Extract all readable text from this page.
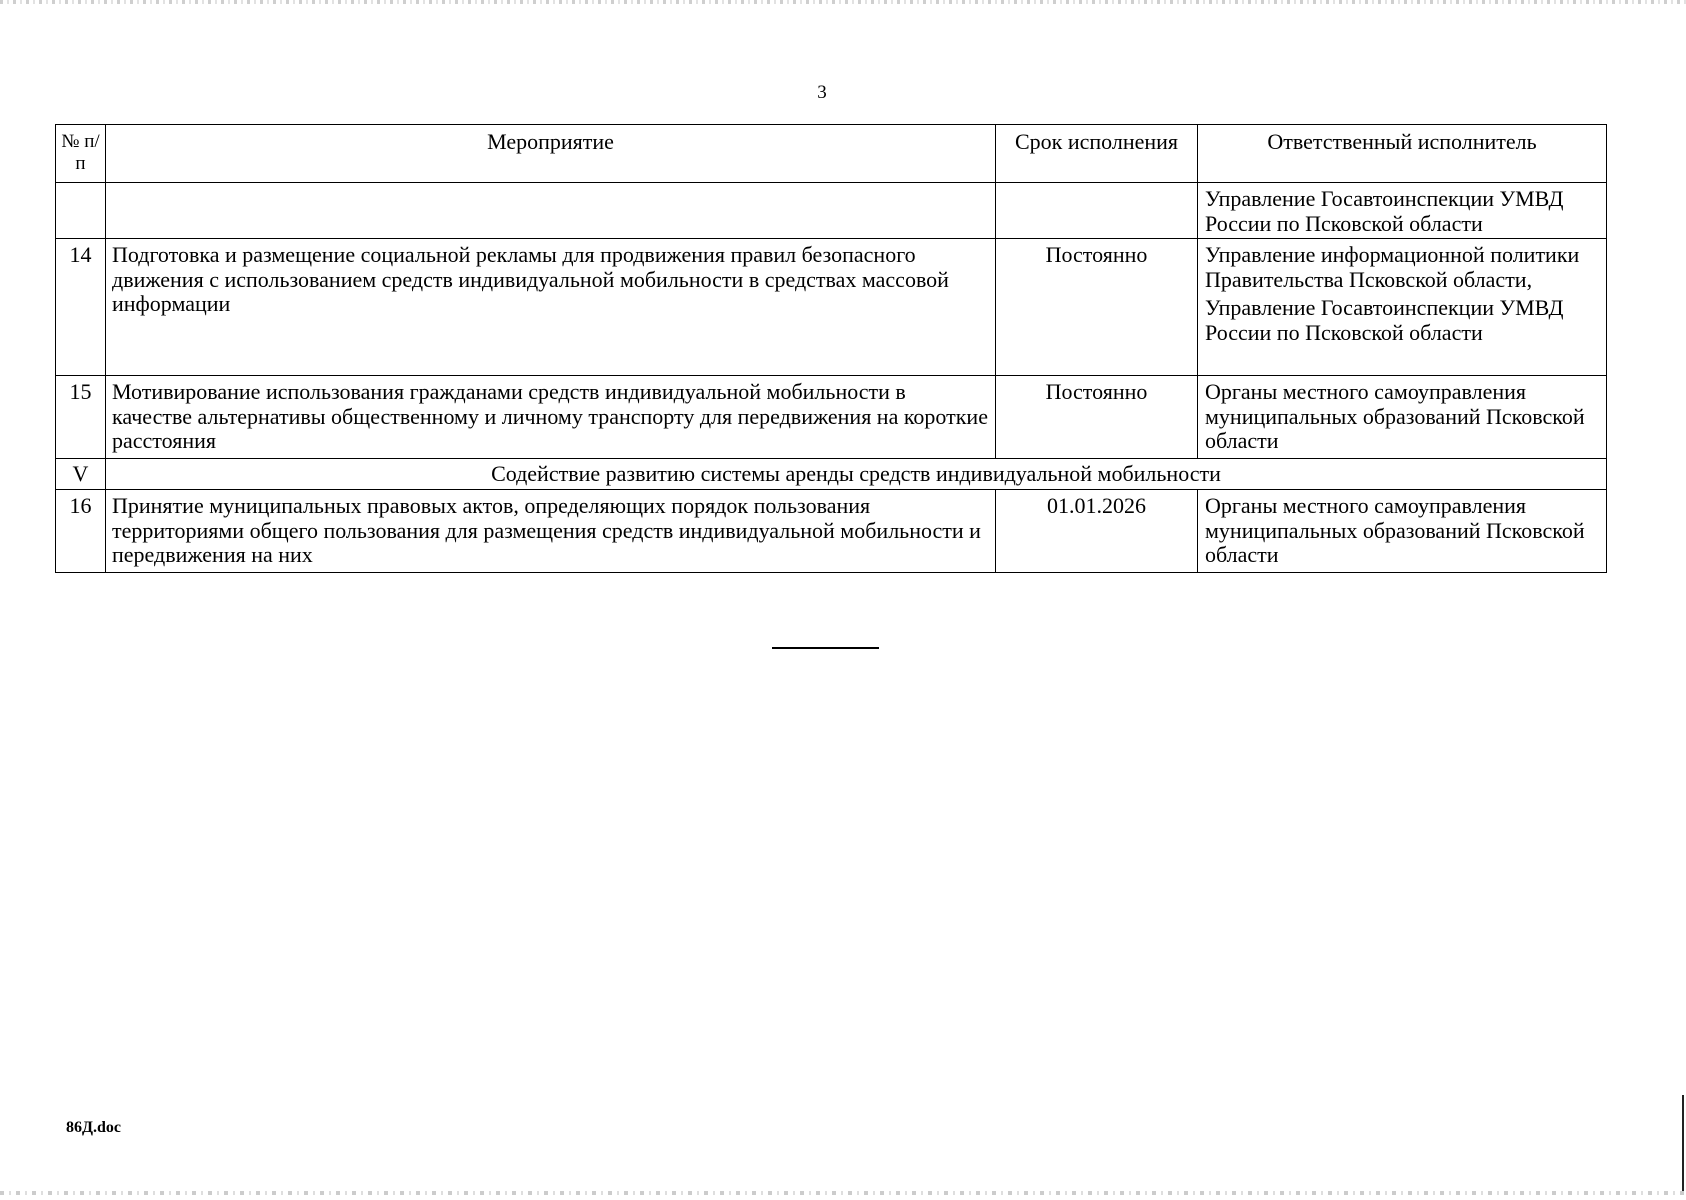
3
№ п/п	Мероприятие	Срок исполнения	Ответственный исполнитель

			Управление Госавтоинспекции УМВД России по Псковской области

14	Подготовка и размещение социальной рекламы для продвижения правил безопасного движения с использованием средств индивидуальной мобильности в средствах массовой информации	Постоянно	Управление информационной политики Правительства Псковской области,
Управление Госавтоинспекции УМВД России по Псковской области

15	Мотивирование использования гражданами средств индивидуальной мобильности в качестве альтернативы общественному и личному транспорту для передвижения на короткие расстояния	Постоянно	Органы местного самоуправления муниципальных образований Псковской области

V	Содействие развитию системы аренды средств индивидуальной мобильности		
16	Принятие муниципальных правовых актов, определяющих порядок пользования территориями общего пользования для размещения средств индивидуальной мобильности и передвижения на них	01.01.2026	Органы местного самоуправления муниципальных образований Псковской области
86Д.doc
